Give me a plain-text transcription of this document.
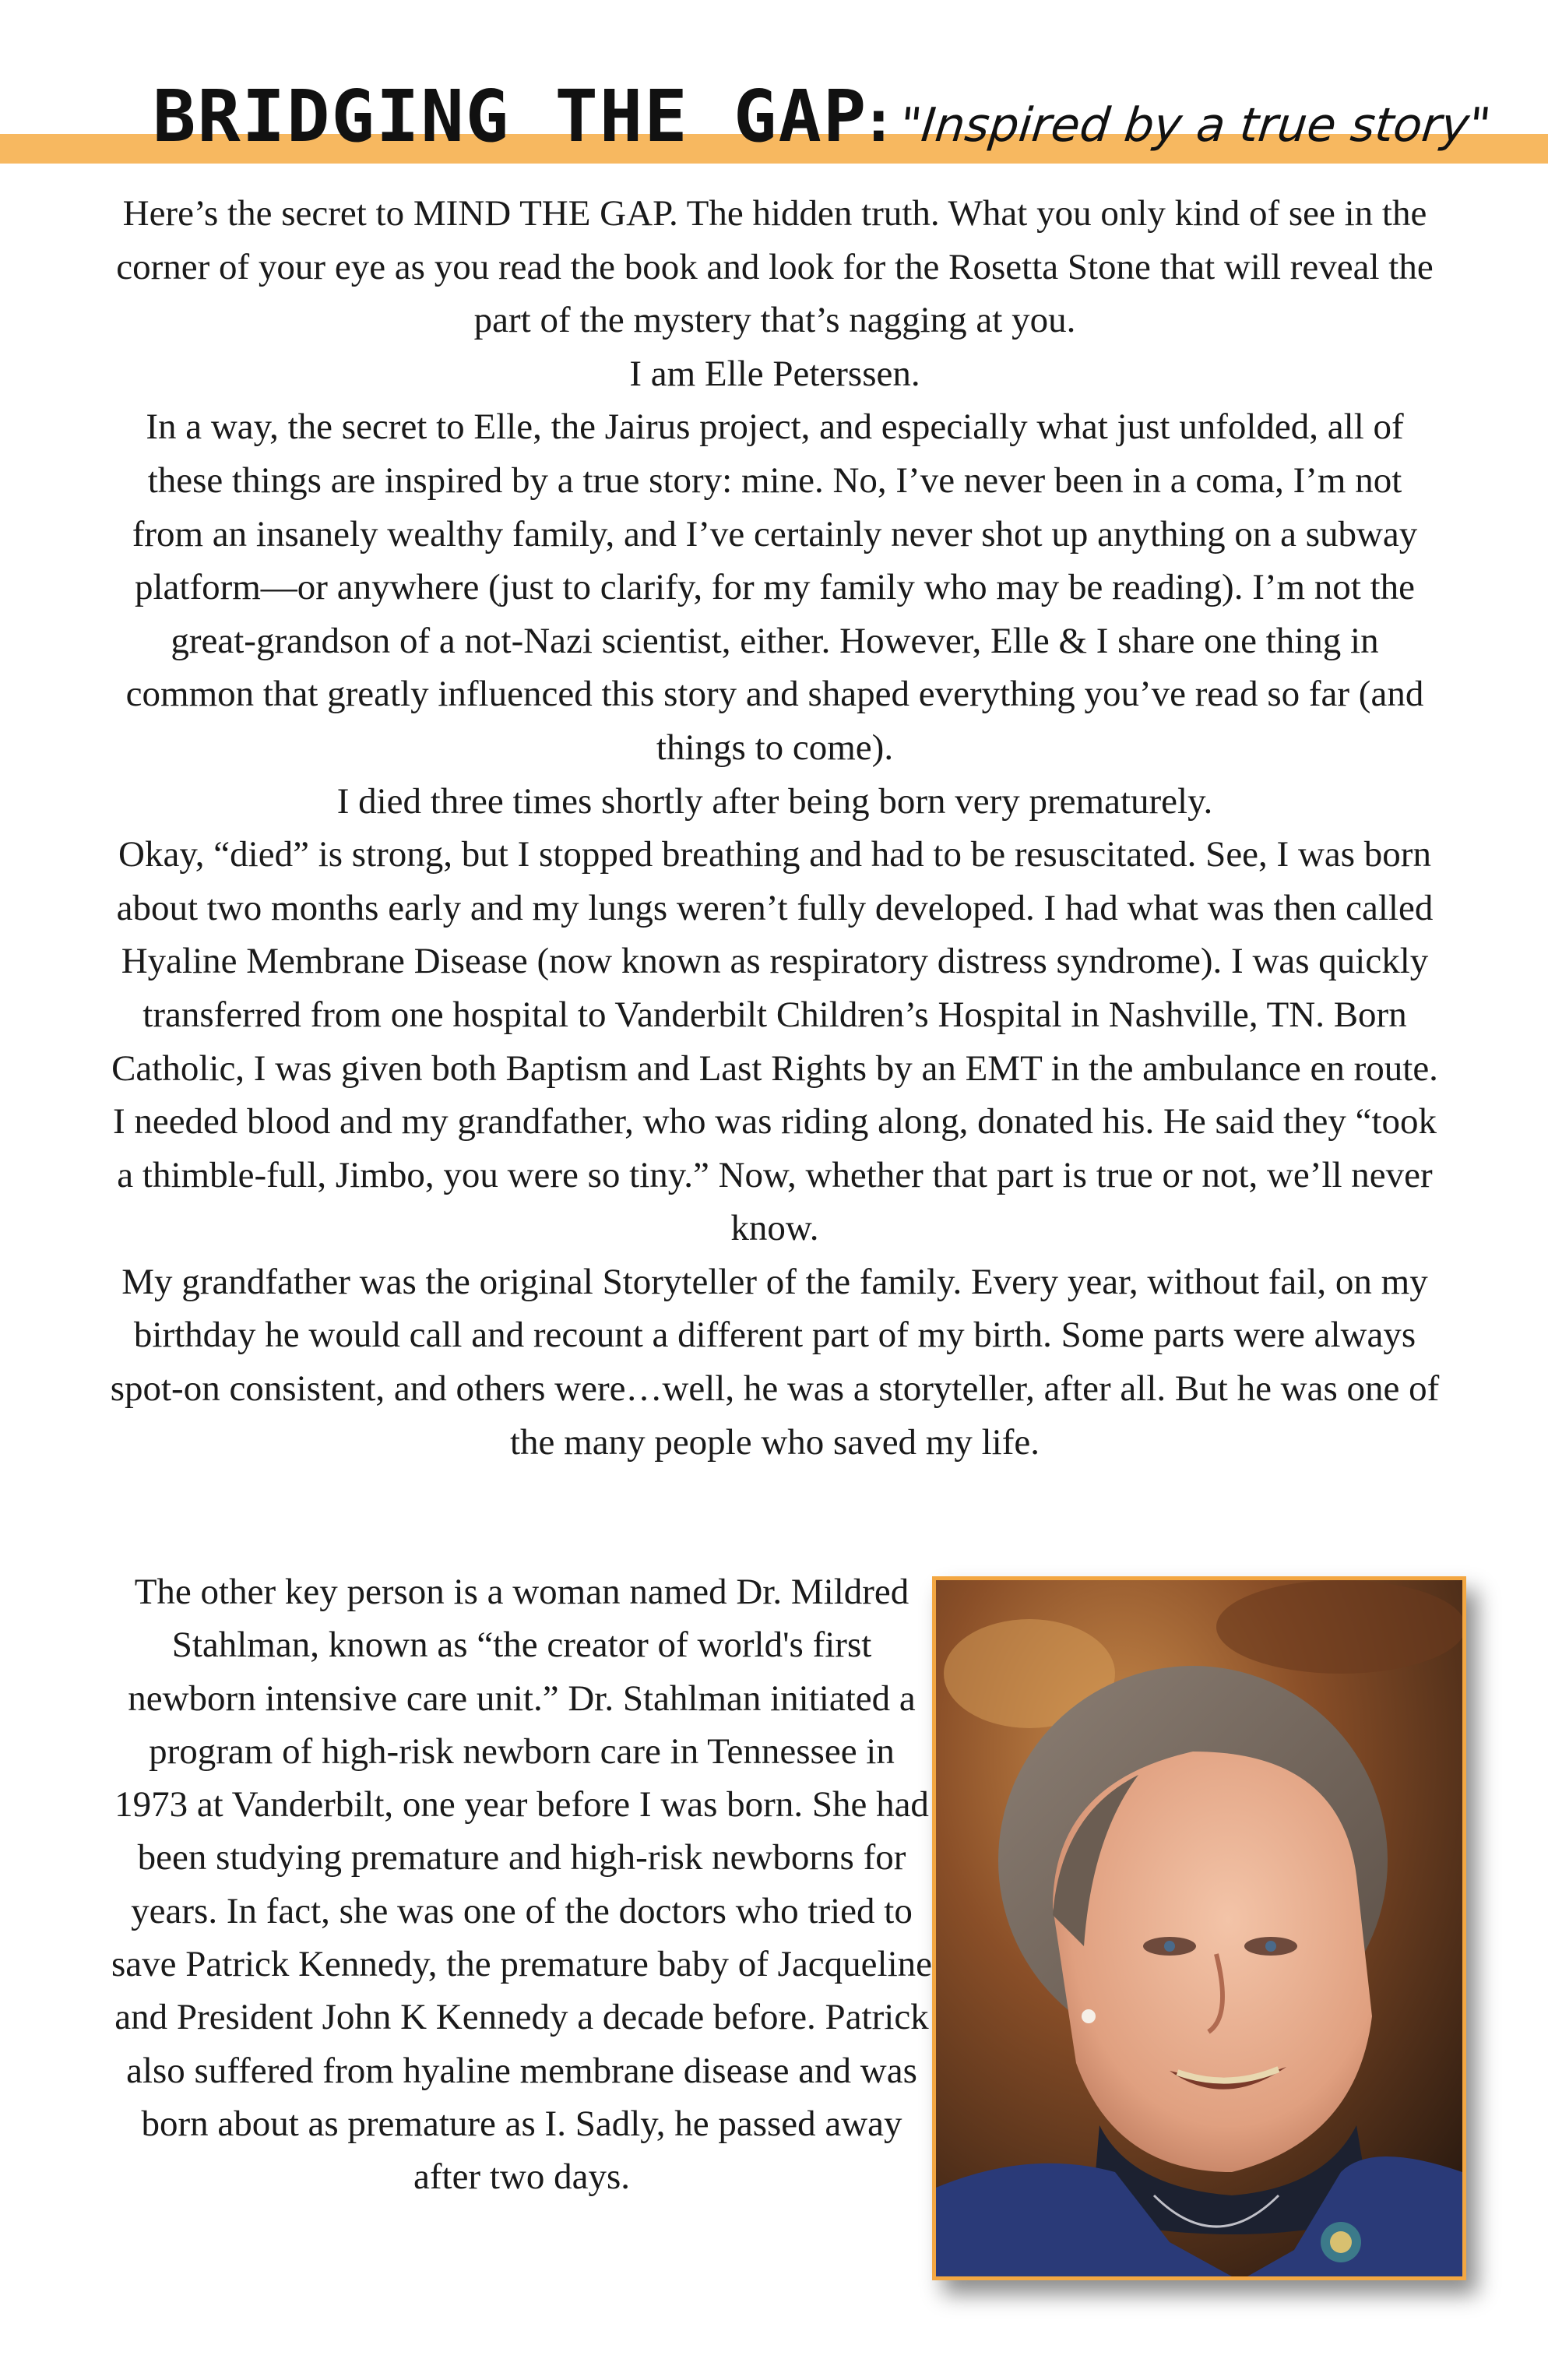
BRIDGING THE GAP: "Inspired by a true story"

Here’s the secret to MIND THE GAP. The hidden truth. What you only kind of see in the corner of your eye as you read the book and look for the Rosetta Stone that will reveal the part of the mystery that’s nagging at you.

I am Elle Peterssen.

In a way, the secret to Elle, the Jairus project, and especially what just unfolded, all of these things are inspired by a true story: mine. No, I’ve never been in a coma, I’m not from an insanely wealthy family, and I’ve certainly never shot up anything on a subway platform—or anywhere (just to clarify, for my family who may be reading). I’m not the great-grandson of a not-Nazi scientist, either. However, Elle & I share one thing in common that greatly influenced this story and shaped everything you’ve read so far (and things to come).

I died three times shortly after being born very prematurely.

Okay, “died” is strong, but I stopped breathing and had to be resuscitated. See, I was born about two months early and my lungs weren’t fully developed. I had what was then called Hyaline Membrane Disease (now known as respiratory distress syndrome). I was quickly transferred from one hospital to Vanderbilt Children’s Hospital in Nashville, TN. Born Catholic, I was given both Baptism and Last Rights by an EMT in the ambulance en route. I needed blood and my grandfather, who was riding along, donated his. He said they “took a thimble-full, Jimbo, you were so tiny.” Now, whether that part is true or not, we’ll never know.

My grandfather was the original Storyteller of the family. Every year, without fail, on my birthday he would call and recount a different part of my birth. Some parts were always spot-on consistent, and others were…well, he was a storyteller, after all. But he was one of the many people who saved my life.

The other key person is a woman named Dr. Mildred Stahlman, known as “the creator of world's first newborn intensive care unit.” Dr. Stahlman initiated a program of high-risk newborn care in Tennessee in 1973 at Vanderbilt, one year before I was born. She had been studying premature and high-risk newborns for years. In fact, she was one of the doctors who tried to save Patrick Kennedy, the premature baby of Jacqueline and President John K Kennedy a decade before. Patrick also suffered from hyaline membrane disease and was born about as premature as I. Sadly, he passed away after two days.
